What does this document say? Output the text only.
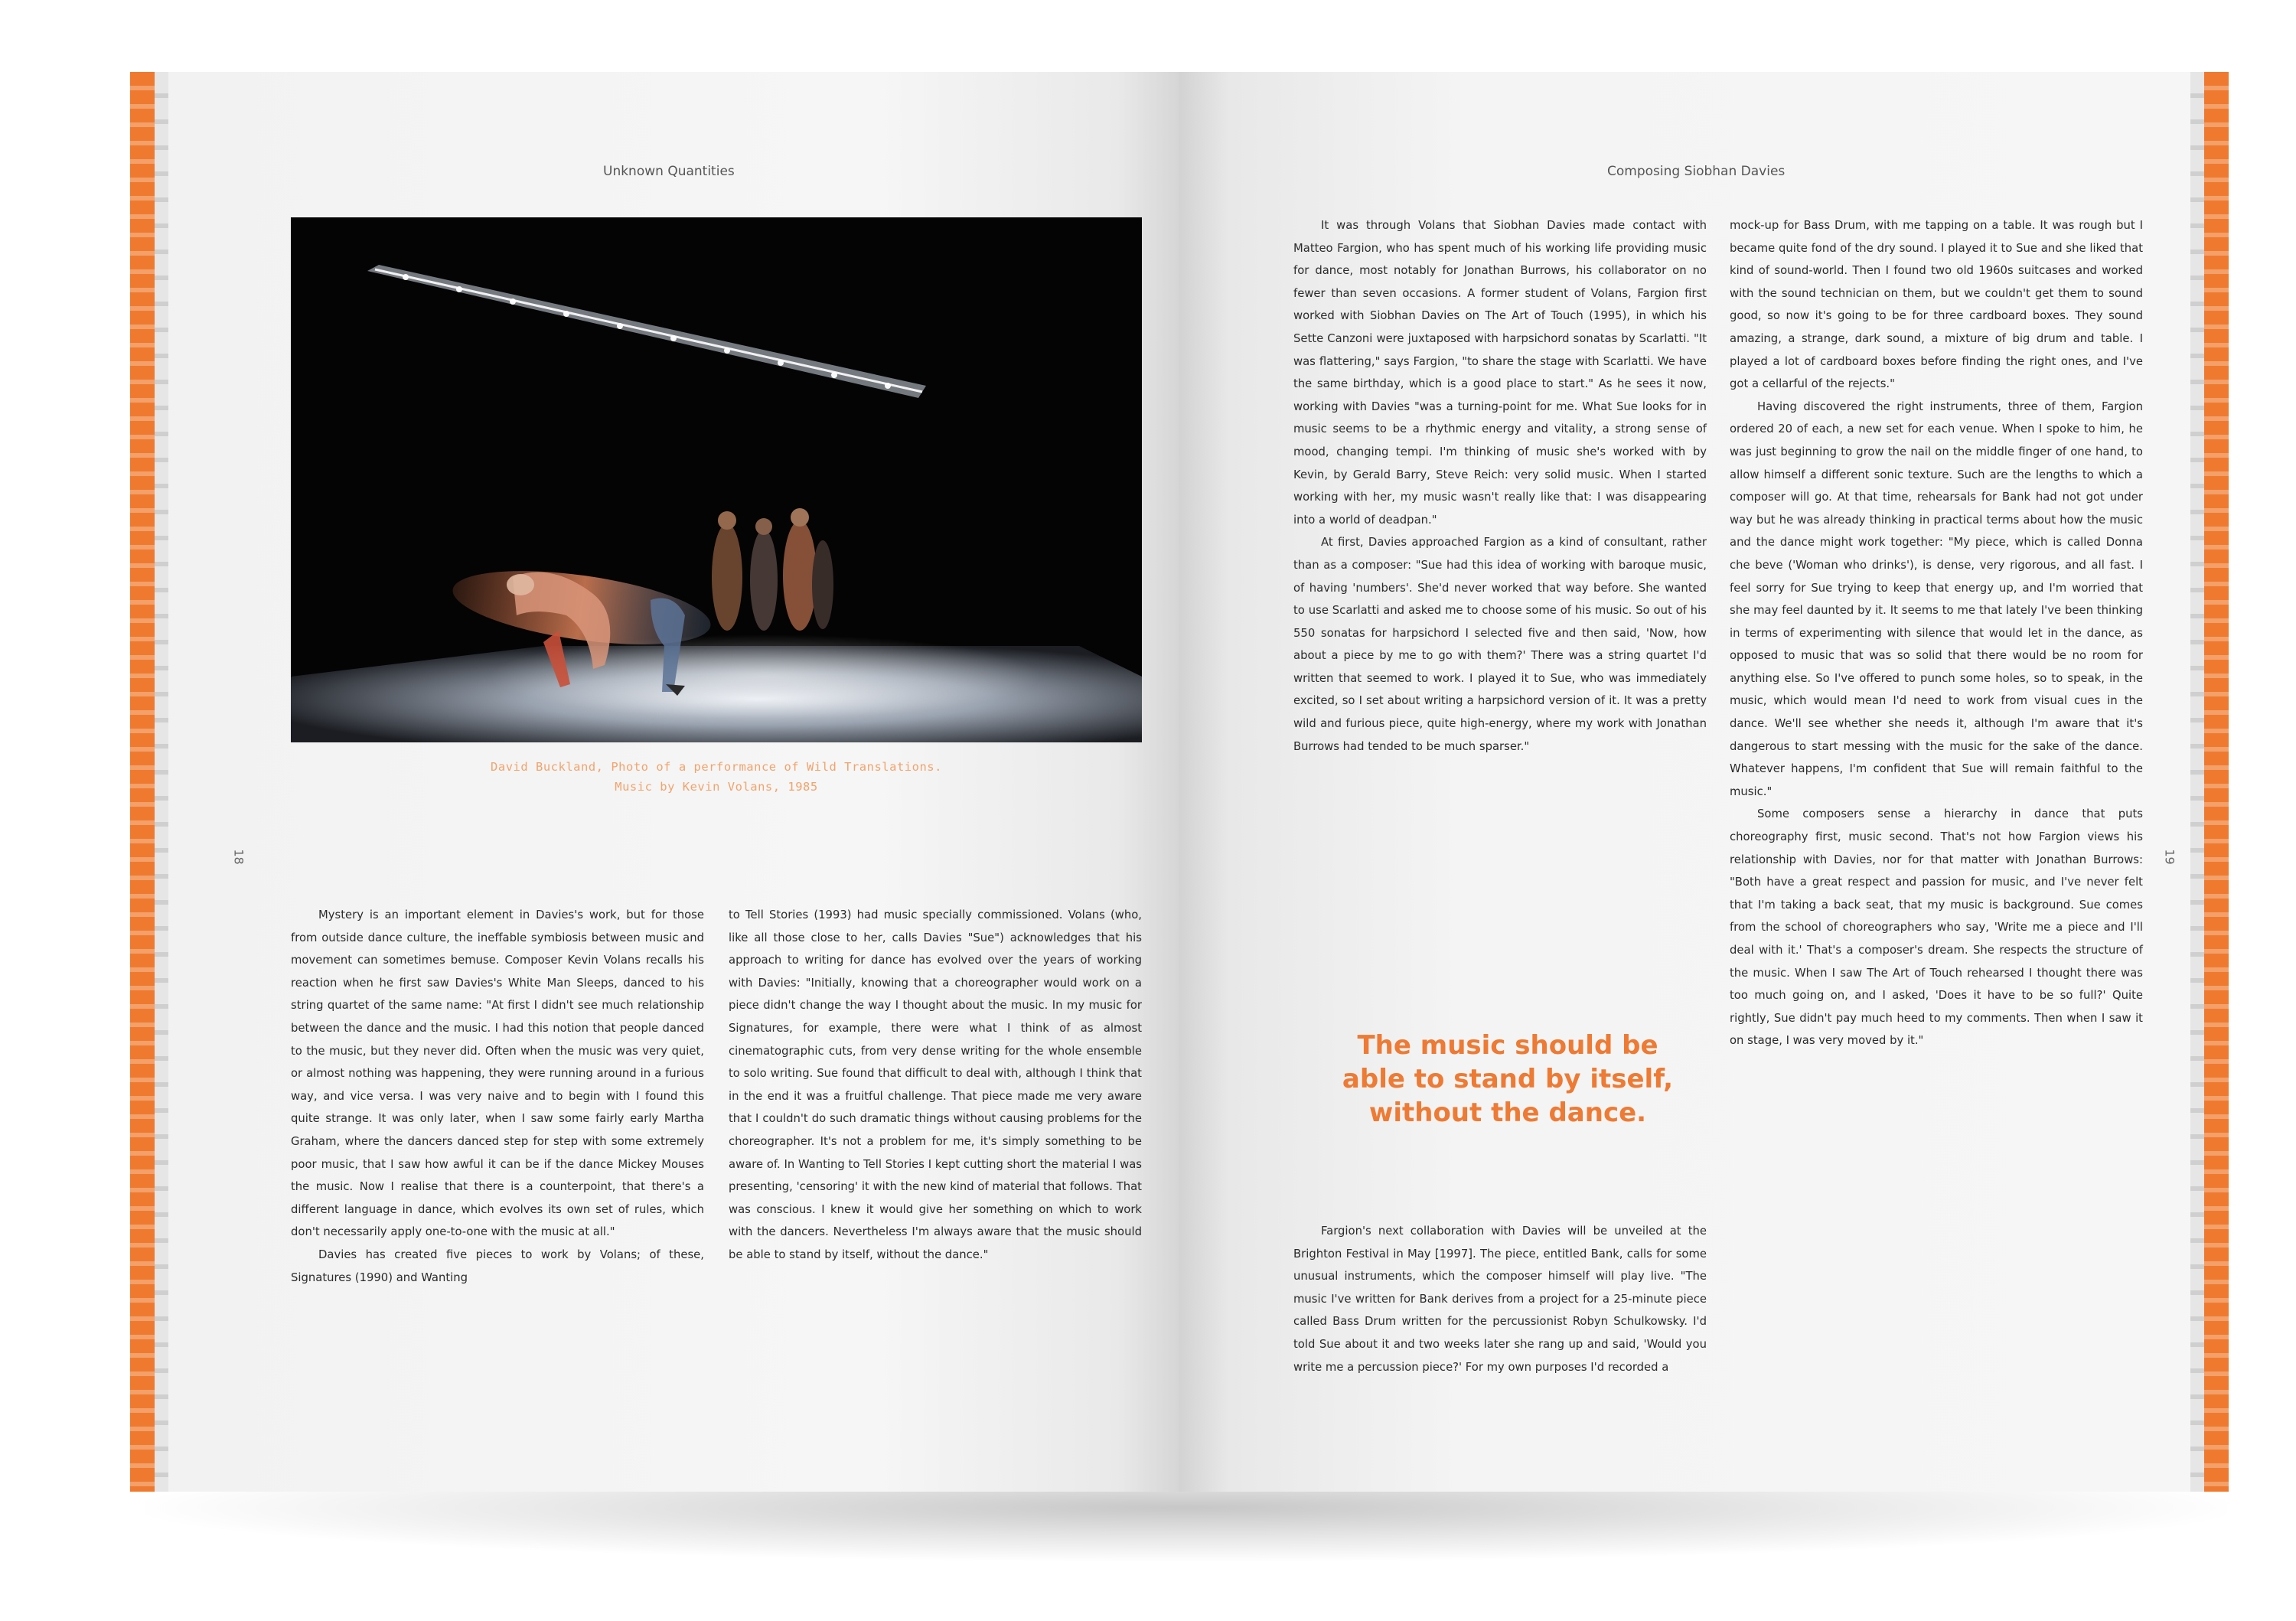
Unknown Quantities

David Buckland, Photo of a performance of Wild Translations.

Music by Kevin Volans, 1985

18

Mystery is an important element in Davies's work, but for those from outside dance culture, the ineffable symbiosis between music and movement can sometimes bemuse. Composer Kevin Volans recalls his reaction when he first saw Davies's White Man Sleeps, danced to his string quartet of the same name: "At first I didn't see much relationship between the dance and the music. I had this notion that people danced to the music, but they never did. Often when the music was very quiet, or almost nothing was happening, they were running around in a furious way, and vice versa. I was very naive and to begin with I found this quite strange. It was only later, when I saw some fairly early Martha Graham, where the dancers danced step for step with some extremely poor music, that I saw how awful it can be if the dance Mickey Mouses the music. Now I realise that there is a counterpoint, that there's a different language in dance, which evolves its own set of rules, which don't necessarily apply one-to-one with the music at all."

Davies has created five pieces to work by Volans; of these, Signatures (1990) and Wanting

to Tell Stories (1993) had music specially commissioned. Volans (who, like all those close to her, calls Davies "Sue") acknowledges that his approach to writing for dance has evolved over the years of working with Davies: "Initially, knowing that a choreographer would work on a piece didn't change the way I thought about the music. In my music for Signatures, for example, there were what I think of as almost cinematographic cuts, from very dense writing for the whole ensemble to solo writing. Sue found that difficult to deal with, although I think that in the end it was a fruitful challenge. That piece made me very aware that I couldn't do such dramatic things without causing problems for the choreographer. It's not a problem for me, it's simply something to be aware of. In Wanting to Tell Stories I kept cutting short the material I was presenting, 'censoring' it with the new kind of material that follows. That was conscious. I knew it would give her something on which to work with the dancers. Nevertheless I'm always aware that the music should be able to stand by itself, without the dance."

Composing Siobhan Davies

It was through Volans that Siobhan Davies made contact with Matteo Fargion, who has spent much of his working life providing music for dance, most notably for Jonathan Burrows, his collaborator on no fewer than seven occasions. A former student of Volans, Fargion first worked with Siobhan Davies on The Art of Touch (1995), in which his Sette Canzoni were juxtaposed with harpsichord sonatas by Scarlatti. "It was flattering," says Fargion, "to share the stage with Scarlatti. We have the same birthday, which is a good place to start." As he sees it now, working with Davies "was a turning-point for me. What Sue looks for in music seems to be a rhythmic energy and vitality, a strong sense of mood, changing tempi. I'm thinking of music she's worked with by Kevin, by Gerald Barry, Steve Reich: very solid music. When I started working with her, my music wasn't really like that: I was disappearing into a world of deadpan."

At first, Davies approached Fargion as a kind of consultant, rather than as a composer: "Sue had this idea of working with baroque music, of having 'numbers'. She'd never worked that way before. She wanted to use Scarlatti and asked me to choose some of his music. So out of his 550 sonatas for harpsichord I selected five and then said, 'Now, how about a piece by me to go with them?' There was a string quartet I'd written that seemed to work. I played it to Sue, who was immediately excited, so I set about writing a harpsichord version of it. It was a pretty wild and furious piece, quite high-energy, where my work with Jonathan Burrows had tended to be much sparser."

The music should be

able to stand by itself,

without the dance.

Fargion's next collaboration with Davies will be unveiled at the Brighton Festival in May [1997]. The piece, entitled Bank, calls for some unusual instruments, which the composer himself will play live. "The music I've written for Bank derives from a project for a 25-minute piece called Bass Drum written for the percussionist Robyn Schulkowsky. I'd told Sue about it and two weeks later she rang up and said, 'Would you write me a percussion piece?' For my own purposes I'd recorded a

mock-up for Bass Drum, with me tapping on a table. It was rough but I became quite fond of the dry sound. I played it to Sue and she liked that kind of sound-world. Then I found two old 1960s suitcases and worked with the sound technician on them, but we couldn't get them to sound good, so now it's going to be for three cardboard boxes. They sound amazing, a strange, dark sound, a mixture of big drum and table. I played a lot of cardboard boxes before finding the right ones, and I've got a cellarful of the rejects."

Having discovered the right instruments, three of them, Fargion ordered 20 of each, a new set for each venue. When I spoke to him, he was just beginning to grow the nail on the middle finger of one hand, to allow himself a different sonic texture. Such are the lengths to which a composer will go. At that time, rehearsals for Bank had not got under way but he was already thinking in practical terms about how the music and the dance might work together: "My piece, which is called Donna che beve ('Woman who drinks'), is dense, very rigorous, and all fast. I feel sorry for Sue trying to keep that energy up, and I'm worried that she may feel daunted by it. It seems to me that lately I've been thinking in terms of experimenting with silence that would let in the dance, as opposed to music that was so solid that there would be no room for anything else. So I've offered to punch some holes, so to speak, in the music, which would mean I'd need to work from visual cues in the dance. We'll see whether she needs it, although I'm aware that it's dangerous to start messing with the music for the sake of the dance. Whatever happens, I'm confident that Sue will remain faithful to the music."

Some composers sense a hierarchy in dance that puts choreography first, music second. That's not how Fargion views his relationship with Davies, nor for that matter with Jonathan Burrows: "Both have a great respect and passion for music, and I've never felt that I'm taking a back seat, that my music is background. Sue comes from the school of choreographers who say, 'Write me a piece and I'll deal with it.' That's a composer's dream. She respects the structure of the music. When I saw The Art of Touch rehearsed I thought there was too much going on, and I asked, 'Does it have to be so full?' Quite rightly, Sue didn't pay much heed to my comments. Then when I saw it on stage, I was very moved by it."

19
